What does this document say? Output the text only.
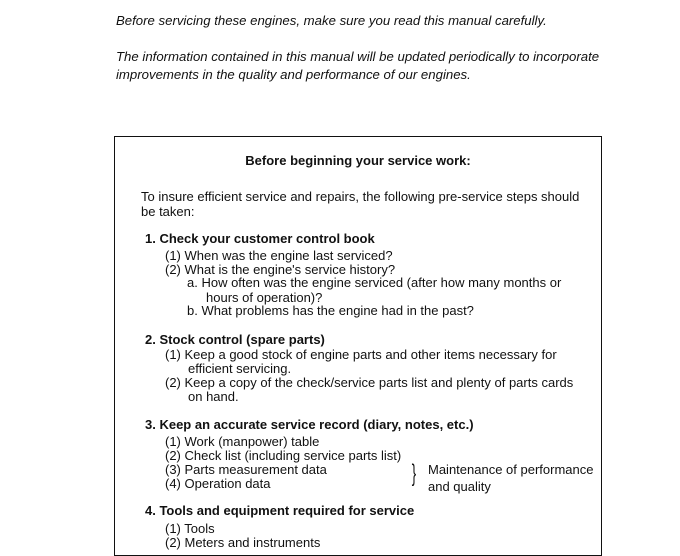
Before servicing these engines, make sure you read this manual carefully.
The information contained in this manual will be updated periodically to incorporate
improvements in the quality and performance of our engines.
Before beginning your service work:
To insure efficient service and repairs, the following pre-service steps should
be taken:
1. Check your customer control book
(1) When was the engine last serviced?
(2) What is the engine's service history?
a. How often was the engine serviced (after how many months or
hours of operation)?
b. What problems has the engine had in the past?
2. Stock control (spare parts)
(1) Keep a good stock of engine parts and other items necessary for
efficient servicing.
(2) Keep a copy of the check/service parts list and plenty of parts cards
on hand.
3. Keep an accurate service record (diary, notes, etc.)
(1) Work (manpower) table
(2) Check list (including service parts list)
(3) Parts measurement data
(4) Operation data	} Maintenance of performance
and quality
4. Tools and equipment required for service
(1) Tools
(2) Meters and instruments
